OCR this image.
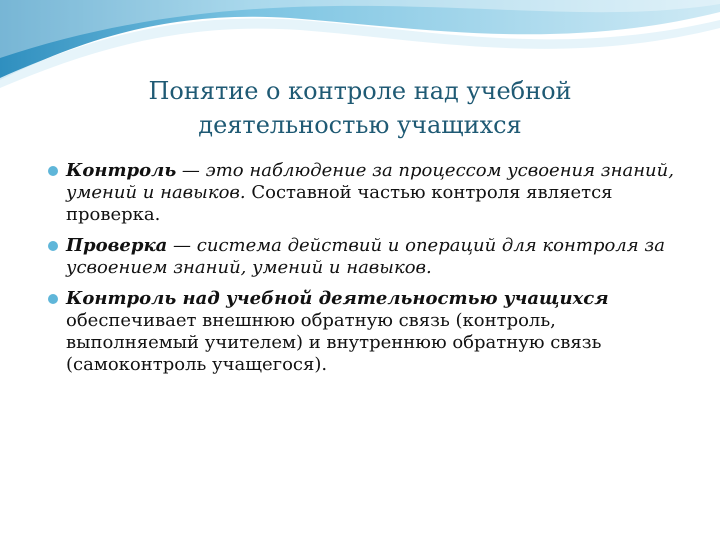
Понятие о контроле над учебной
деятельностью учащихся
Контроль — это наблюдение за процессом усвоения знаний, умений и навыков. Составной частью контроля является проверка.
Проверка — система действий и операций для контроля за усвоением знаний, умений и навыков.
Контроль над учебной деятельностью учащихся обеспечивает внешнюю обратную связь (контроль, выполняемый учителем) и внутреннюю обратную связь (самоконтроль учащегося).
